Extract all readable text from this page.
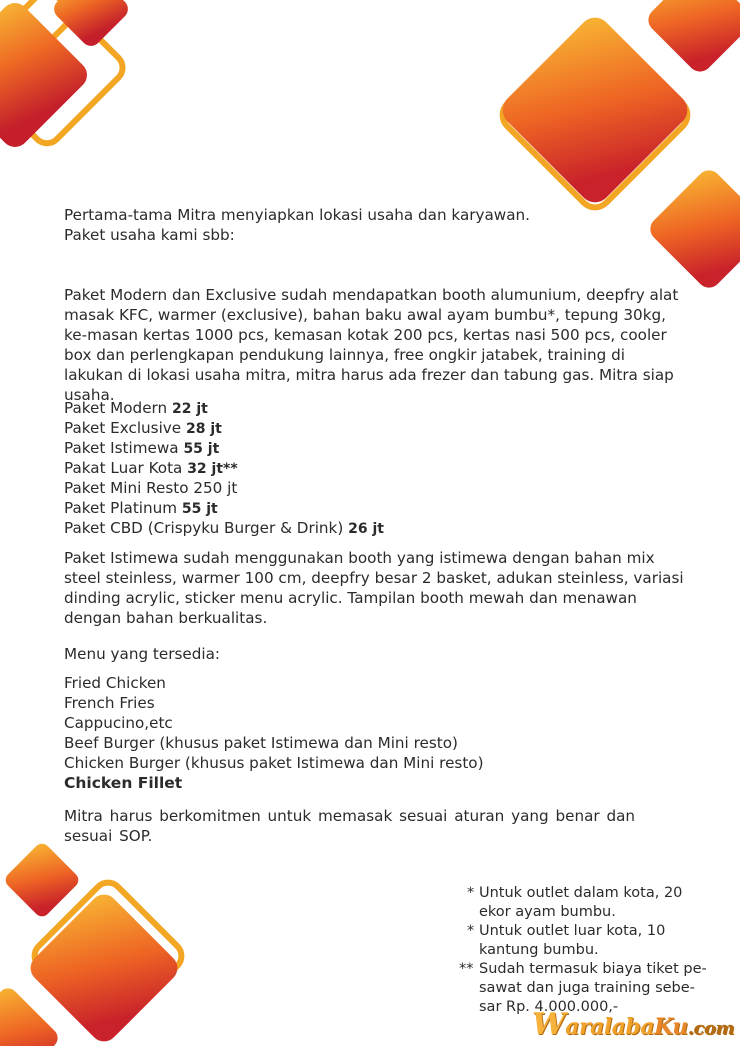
Pertama-tama Mitra menyiapkan lokasi usaha dan karyawan.
Paket usaha kami sbb:

Paket Modern dan Exclusive sudah mendapatkan booth alumunium, deepfry alat masak KFC, warmer (exclusive), bahan baku awal ayam bumbu*, tepung 30kg, ke-masan kertas 1000 pcs, kemasan kotak 200 pcs, kertas nasi 500 pcs, cooler box dan perlengkapan pendukung lainnya, free ongkir jatabek, training di lakukan di lokasi usaha mitra, mitra harus ada frezer dan tabung gas. Mitra siap usaha.

Paket Modern 22 jt
Paket Exclusive 28 jt
Paket Istimewa 55 jt
Pakat Luar Kota 32 jt**
Paket Mini Resto 250 jt
Paket Platinum 55 jt
Paket CBD (Crispyku Burger & Drink) 26 jt

Paket Istimewa sudah menggunakan booth yang istimewa dengan bahan mix steel steinless, warmer 100 cm, deepfry besar 2 basket, adukan steinless, variasi dinding acrylic, sticker menu acrylic. Tampilan booth mewah dan menawan dengan bahan berkualitas.

Menu yang tersedia:
Fried Chicken
French Fries
Cappucino,etc
Beef Burger (khusus paket Istimewa dan Mini resto)
Chicken Burger (khusus paket Istimewa dan Mini resto)
Chicken Fillet

Mitra harus berkomitmen untuk memasak sesuai aturan yang benar dan sesuai SOP.

* Untuk outlet dalam kota, 20
ekor ayam bumbu.
* Untuk outlet luar kota, 10
kantung bumbu.
** Sudah termasuk biaya tiket pe-
sawat dan juga training sebe-
sar Rp. 4.000.000,-
WaralabaKu.com
